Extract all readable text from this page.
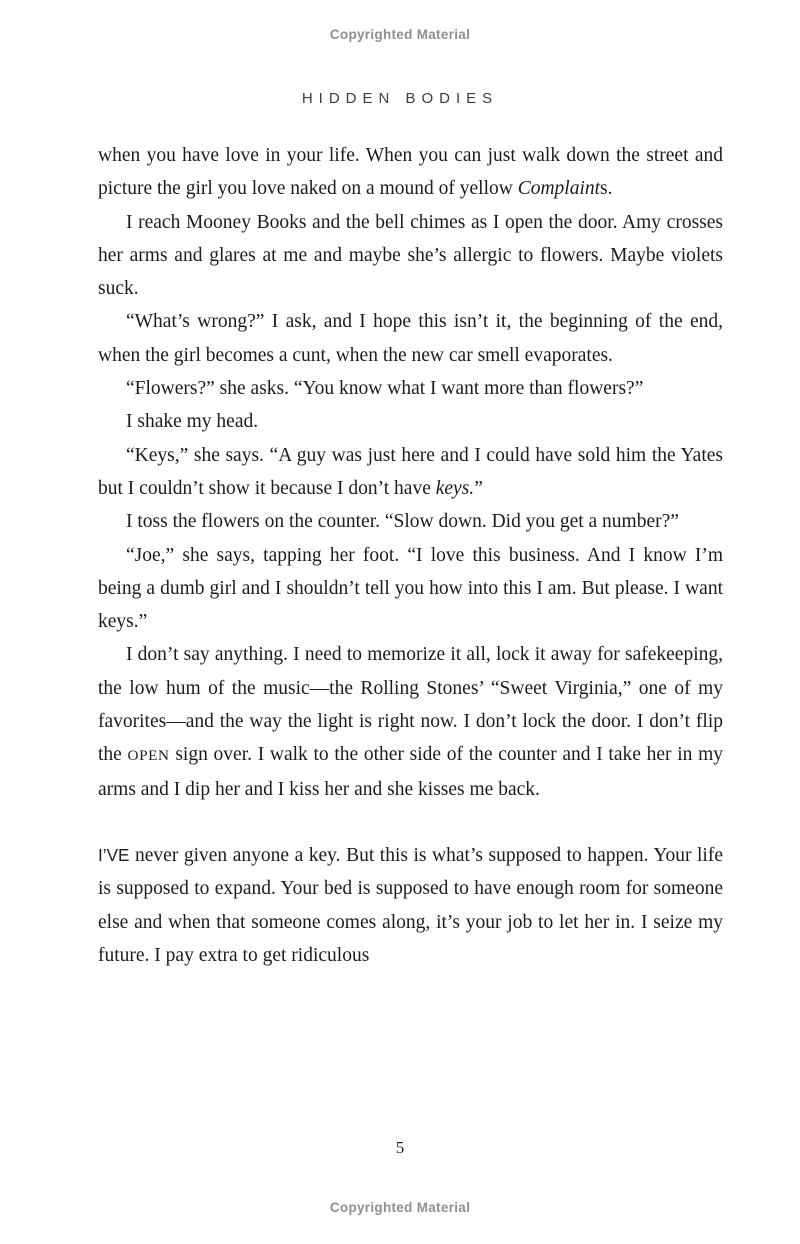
Copyrighted Material
HIDDEN BODIES

when you have love in your life. When you can just walk down the street and picture the girl you love naked on a mound of yellow Complaints.

I reach Mooney Books and the bell chimes as I open the door. Amy crosses her arms and glares at me and maybe she’s allergic to flowers. Maybe violets suck.

“What’s wrong?” I ask, and I hope this isn’t it, the beginning of the end, when the girl becomes a cunt, when the new car smell evaporates.

“Flowers?” she asks. “You know what I want more than flowers?”

I shake my head.

“Keys,” she says. “A guy was just here and I could have sold him the Yates but I couldn’t show it because I don’t have keys.”

I toss the flowers on the counter. “Slow down. Did you get a number?”

“Joe,” she says, tapping her foot. “I love this business. And I know I’m being a dumb girl and I shouldn’t tell you how into this I am. But please. I want keys.”

I don’t say anything. I need to memorize it all, lock it away for safekeeping, the low hum of the music—the Rolling Stones’ “Sweet Virginia,” one of my favorites—and the way the light is right now. I don’t lock the door. I don’t flip the OPEN sign over. I walk to the other side of the counter and I take her in my arms and I dip her and I kiss her and she kisses me back.

I’VE never given anyone a key. But this is what’s supposed to happen. Your life is supposed to expand. Your bed is supposed to have enough room for someone else and when that someone comes along, it’s your job to let her in. I seize my future. I pay extra to get ridiculous

5
Copyrighted Material
